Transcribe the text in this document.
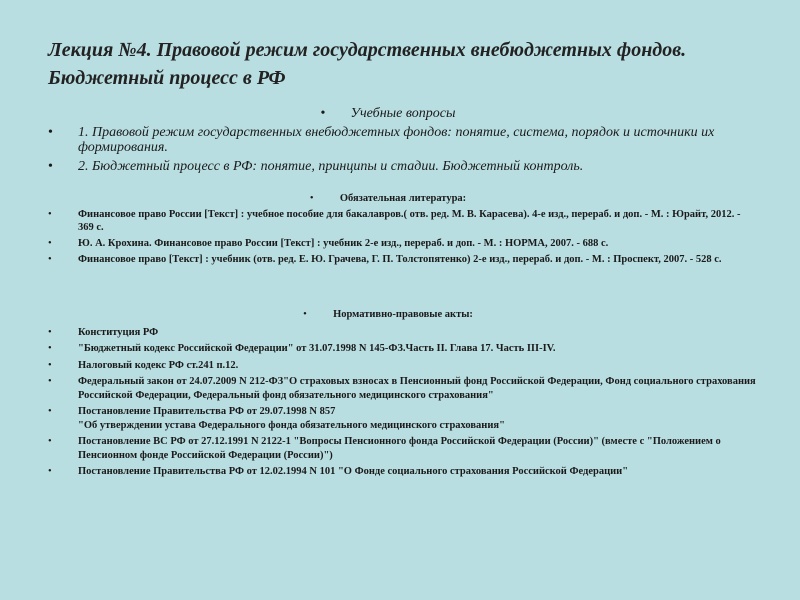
Лекция №4. Правовой режим государственных внебюджетных фондов. Бюджетный процесс в РФ
• Учебные вопросы
• 1. Правовой режим государственных внебюджетных фондов: понятие, система, порядок и источники их формирования.
• 2. Бюджетный процесс в РФ: понятие, принципы и стадии. Бюджетный контроль.
•	Обязательная литература:
•	Финансовое право России [Текст] : учебное пособие для бакалавров.( отв. ред. М. В. Карасева). 4-е изд., перераб. и доп. - М. : Юрайт, 2012. - 369 с.
•	Ю. А. Крохина. Финансовое право России [Текст] : учебник 2-е изд., перераб. и доп. - М. : НОРМА, 2007. - 688 с.
•	Финансовое право [Текст] : учебник (отв. ред. Е. Ю. Грачева, Г. П. Толстопятенко) 2-е изд., перераб. и доп. - М. : Проспект, 2007. - 528 с.
•	Нормативно-правовые акты:
•	Конституция РФ
•	"Бюджетный кодекс Российской Федерации" от 31.07.1998 N 145-ФЗ.Часть II. Глава 17. Часть III-IV.
•	Налоговый кодекс РФ ст.241 п.12.
•	Федеральный закон от 24.07.2009 N 212-ФЗ"О страховых взносах в Пенсионный фонд Российской Федерации, Фонд социального страхования Российской Федерации, Федеральный фонд обязательного медицинского страхования"
•	Постановление Правительства РФ от 29.07.1998 N 857
"Об утверждении устава Федерального фонда обязательного медицинского страхования"
•	Постановление ВС РФ от 27.12.1991 N 2122-1 "Вопросы Пенсионного фонда Российской Федерации (России)" (вместе с "Положением о Пенсионном фонде Российской Федерации (России)")
•	Постановление Правительства РФ от 12.02.1994 N 101 "О Фонде социального страхования Российской Федерации"
